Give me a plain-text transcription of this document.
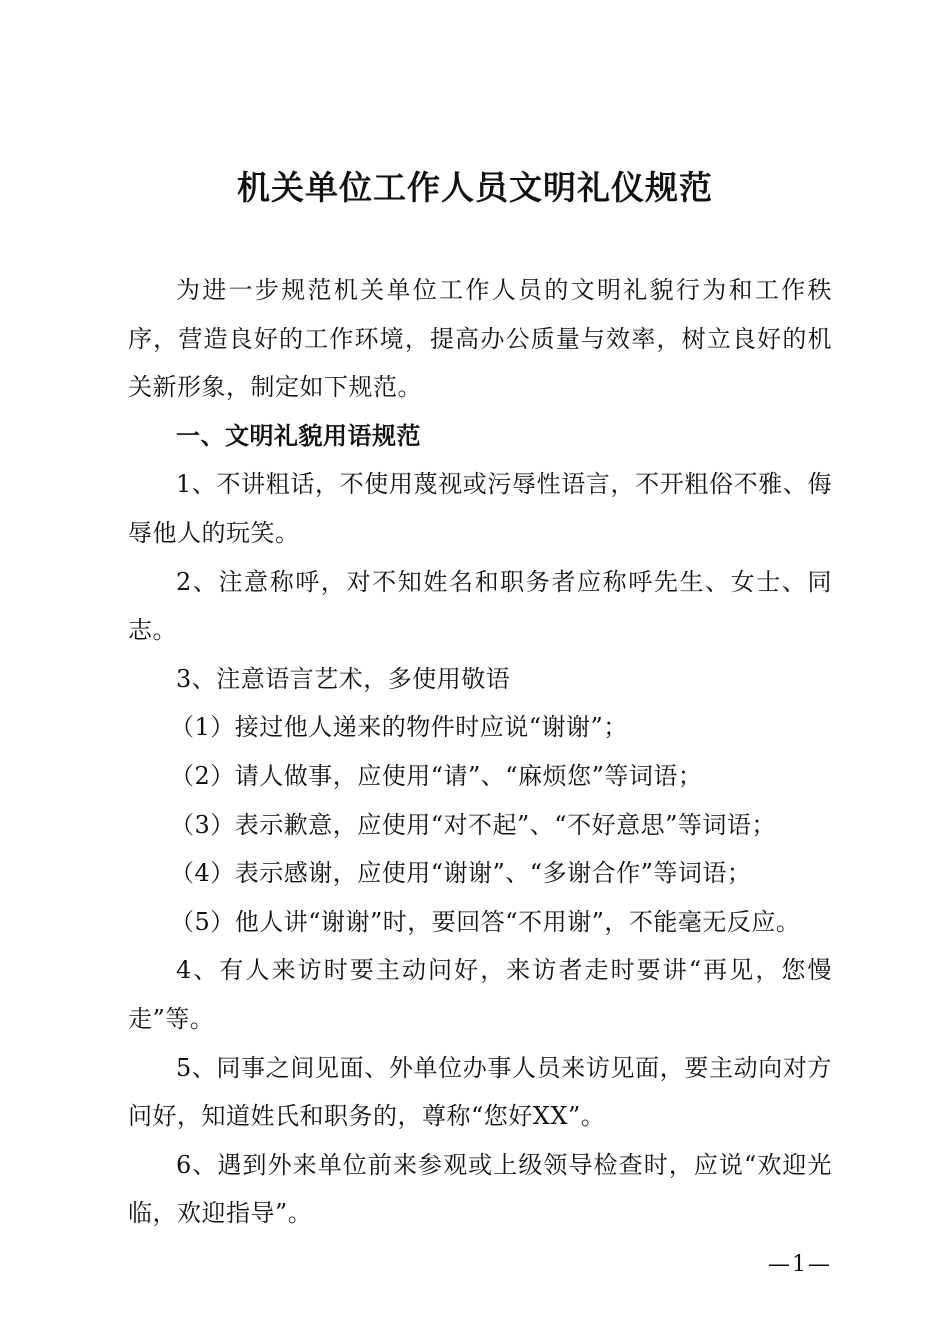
机关单位工作人员文明礼仪规范

为进一步规范机关单位工作人员的文明礼貌行为和工作秩序，营造良好的工作环境，提高办公质量与效率，树立良好的机关新形象，制定如下规范。

一、文明礼貌用语规范

1、不讲粗话，不使用蔑视或污辱性语言，不开粗俗不雅、侮辱他人的玩笑。

2、注意称呼，对不知姓名和职务者应称呼先生、女士、同志。

3、注意语言艺术，多使用敬语

（1）接过他人递来的物件时应说“谢谢”；

（2）请人做事，应使用“请”、“麻烦您”等词语；

（3）表示歉意，应使用“对不起”、“不好意思”等词语；

（4）表示感谢，应使用“谢谢”、“多谢合作”等词语；

（5）他人讲“谢谢”时，要回答“不用谢”，不能毫无反应。

4、有人来访时要主动问好，来访者走时要讲“再见，您慢走”等。

5、同事之间见面、外单位办事人员来访见面，要主动向对方问好，知道姓氏和职务的，尊称“您好XX”。

6、遇到外来单位前来参观或上级领导检查时，应说“欢迎光临，欢迎指导”。

—1—
